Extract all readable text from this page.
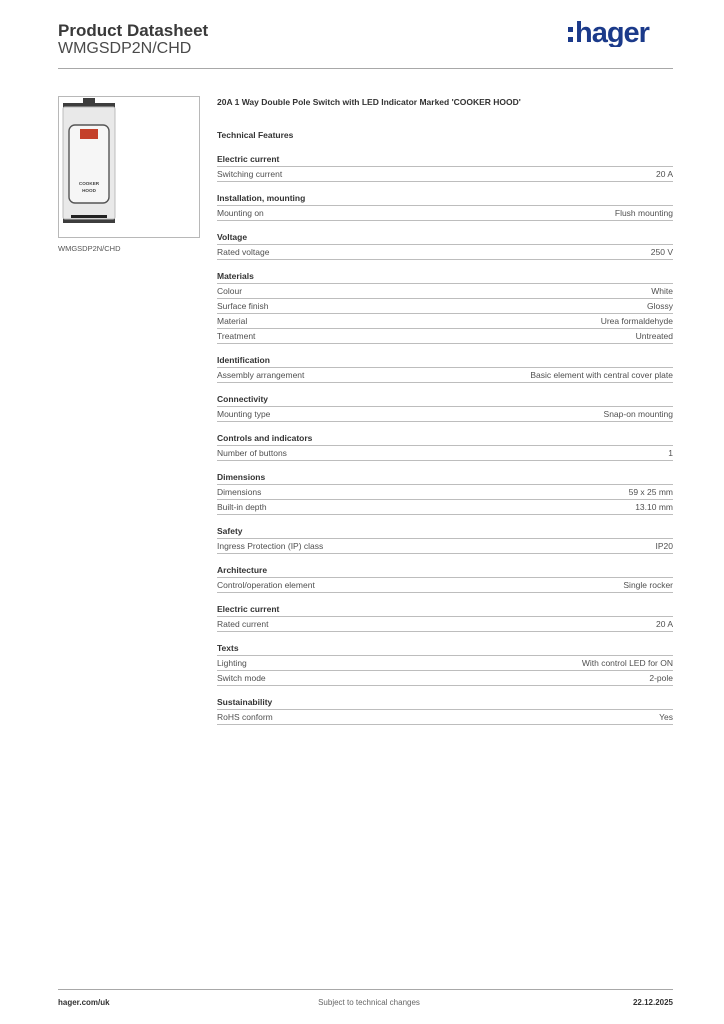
Product Datasheet
WMGSDP2N/CHD	hager
COOKER
HOOD
WMGSDP2N/CHD
20A 1 Way Double Pole Switch with LED Indicator Marked 'COOKER HOOD'
Technical Features
Electric current
Switching current	20 A
Installation, mounting
Mounting on	Flush mounting
Voltage
Rated voltage	250 V
Materials
Colour	White
Surface finish	Glossy
Material	Urea formaldehyde
Treatment	Untreated
Identification
Assembly arrangement	Basic element with central cover plate
Connectivity
Mounting type	Snap-on mounting
Controls and indicators
Number of buttons	1
Dimensions
Dimensions	59 x 25 mm
Built-in depth	13.10 mm
Safety
Ingress Protection (IP) class	IP20
Architecture
Control/operation element	Single rocker
Electric current
Rated current	20 A
Texts
Lighting	With control LED for ON
Switch mode	2-pole
Sustainability
RoHS conform	Yes
hager.com/uk	Subject to technical changes	22.12.2025
